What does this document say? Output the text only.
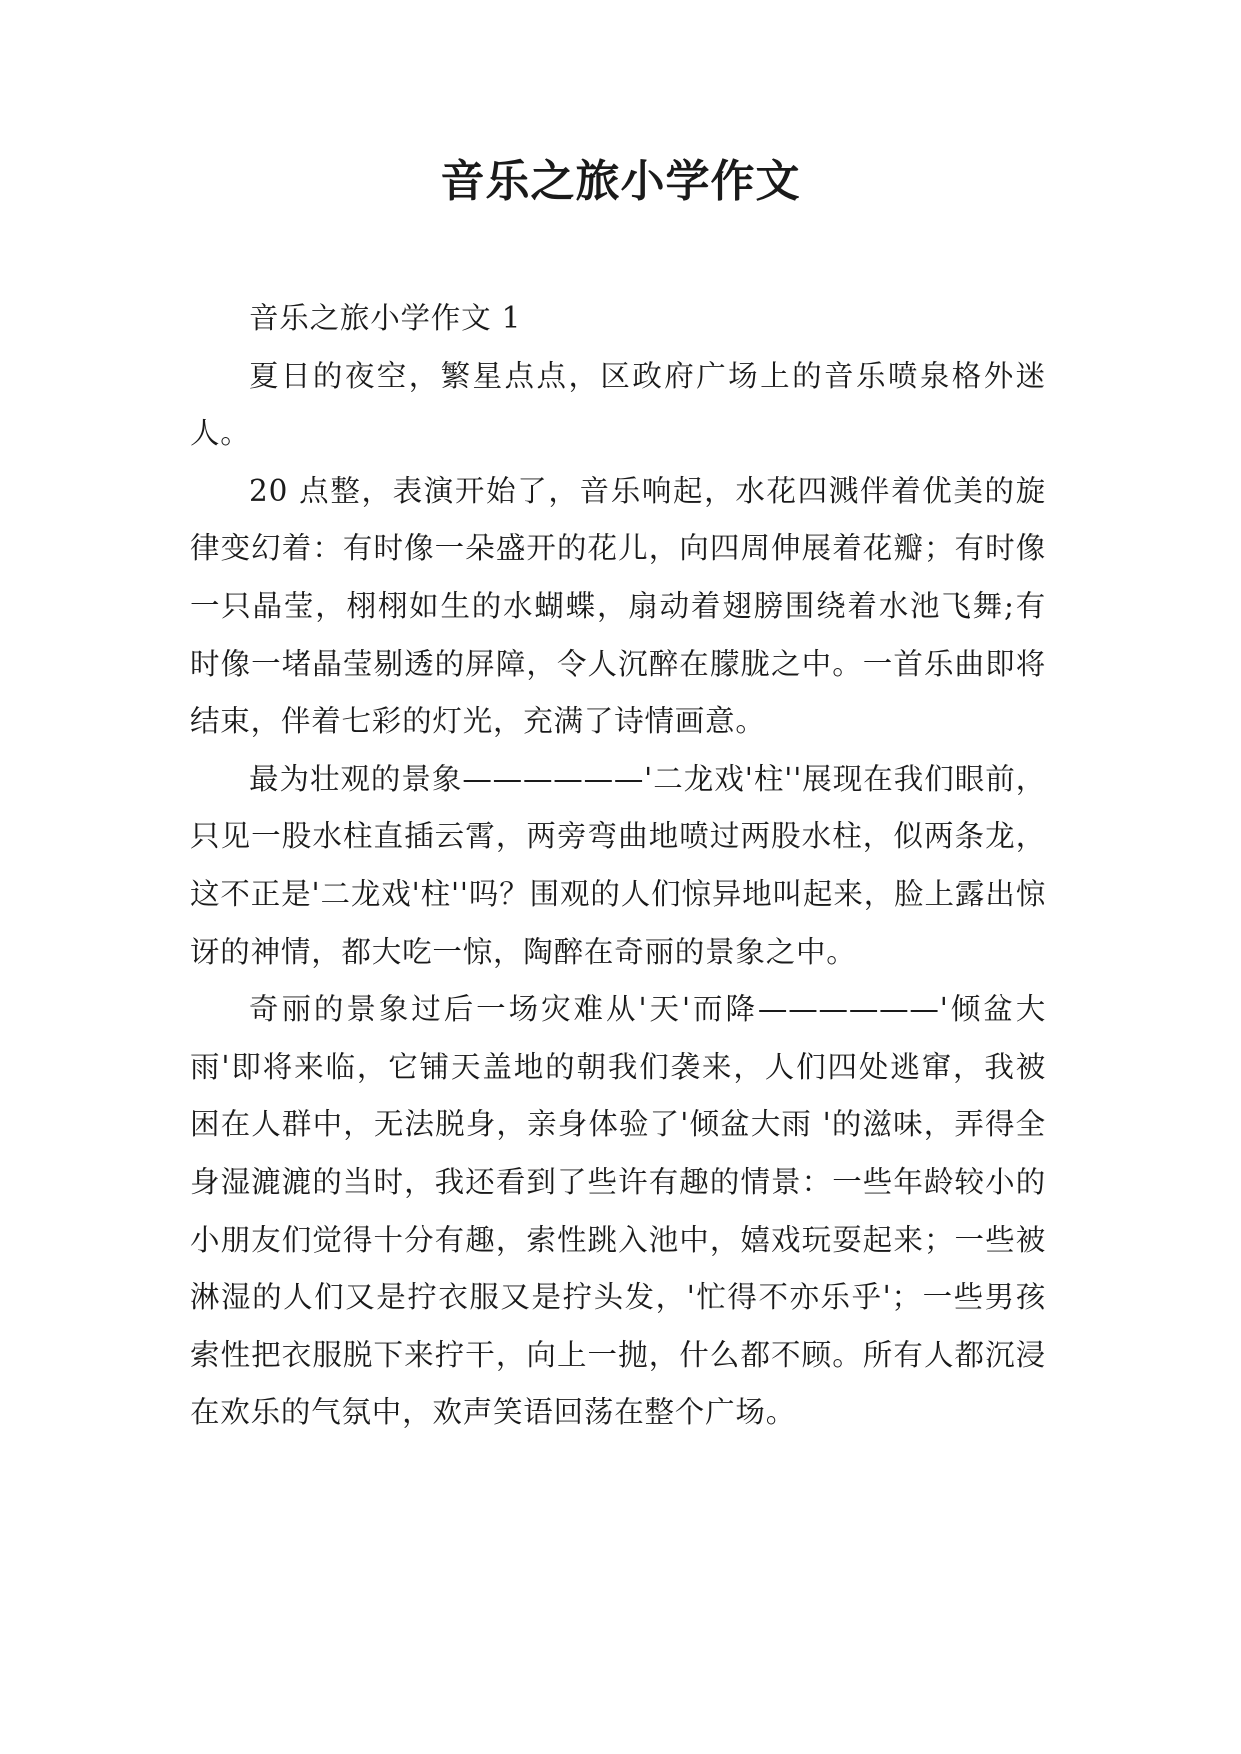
音乐之旅小学作文

音乐之旅小学作文 1

夏日的夜空，繁星点点，区政府广场上的音乐喷泉格外迷人。

20 点整，表演开始了，音乐响起，水花四溅伴着优美的旋律变幻着：有时像一朵盛开的花儿，向四周伸展着花瓣；有时像一只晶莹，栩栩如生的水蝴蝶，扇动着翅膀围绕着水池飞舞;有时像一堵晶莹剔透的屏障，令人沉醉在朦胧之中。一首乐曲即将结束，伴着七彩的灯光，充满了诗情画意。

最为壮观的景象——————'二龙戏'柱''展现在我们眼前，只见一股水柱直插云霄，两旁弯曲地喷过两股水柱，似两条龙，这不正是'二龙戏'柱''吗？围观的人们惊异地叫起来，脸上露出惊讶的神情，都大吃一惊，陶醉在奇丽的景象之中。

奇丽的景象过后一场灾难从'天'而降——————'倾盆大雨'即将来临，它铺天盖地的朝我们袭来，人们四处逃窜，我被困在人群中，无法脱身，亲身体验了'倾盆大雨 '的滋味，弄得全身湿漉漉的当时，我还看到了些许有趣的情景：一些年龄较小的小朋友们觉得十分有趣，索性跳入池中，嬉戏玩耍起来；一些被淋湿的人们又是拧衣服又是拧头发，'忙得不亦乐乎'；一些男孩索性把衣服脱下来拧干，向上一抛，什么都不顾。所有人都沉浸在欢乐的气氛中，欢声笑语回荡在整个广场。
